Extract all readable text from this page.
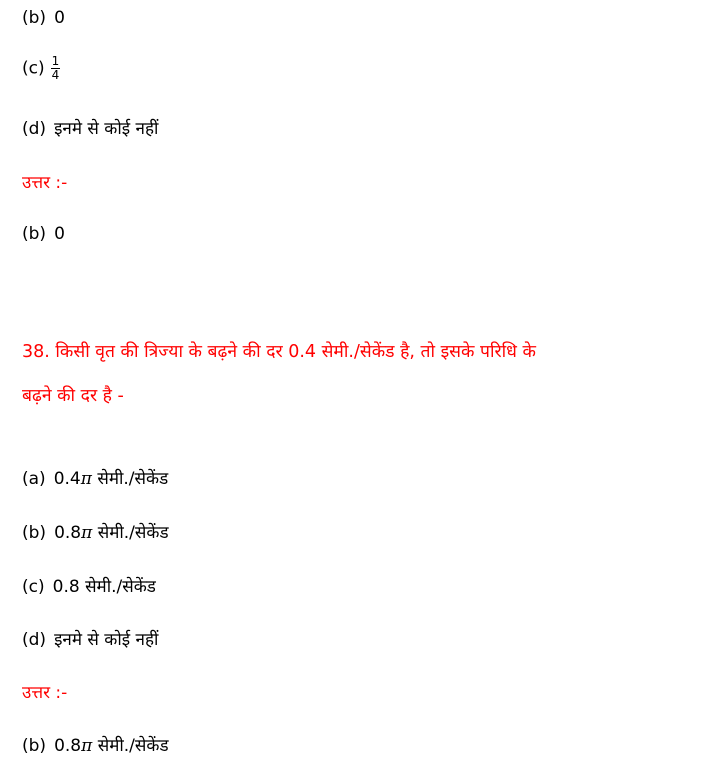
(b) 0
$(c) \frac{1}{4}$
(d) इनमे से कोई नहीं
उत्तर :-
(b) 0
38. किसी वृत की त्रिज्या के बढ़ने की दर 0.4 सेमी./सेकेंड है, तो इसके परिधि के
बढ़ने की दर है -
(a) 0.4π सेमी./सेकेंड
(b) 0.8π सेमी./सेकेंड
(c) 0.8 सेमी./सेकेंड
(d) इनमे से कोई नहीं
उत्तर :-
(b) 0.8π सेमी./सेकेंड
